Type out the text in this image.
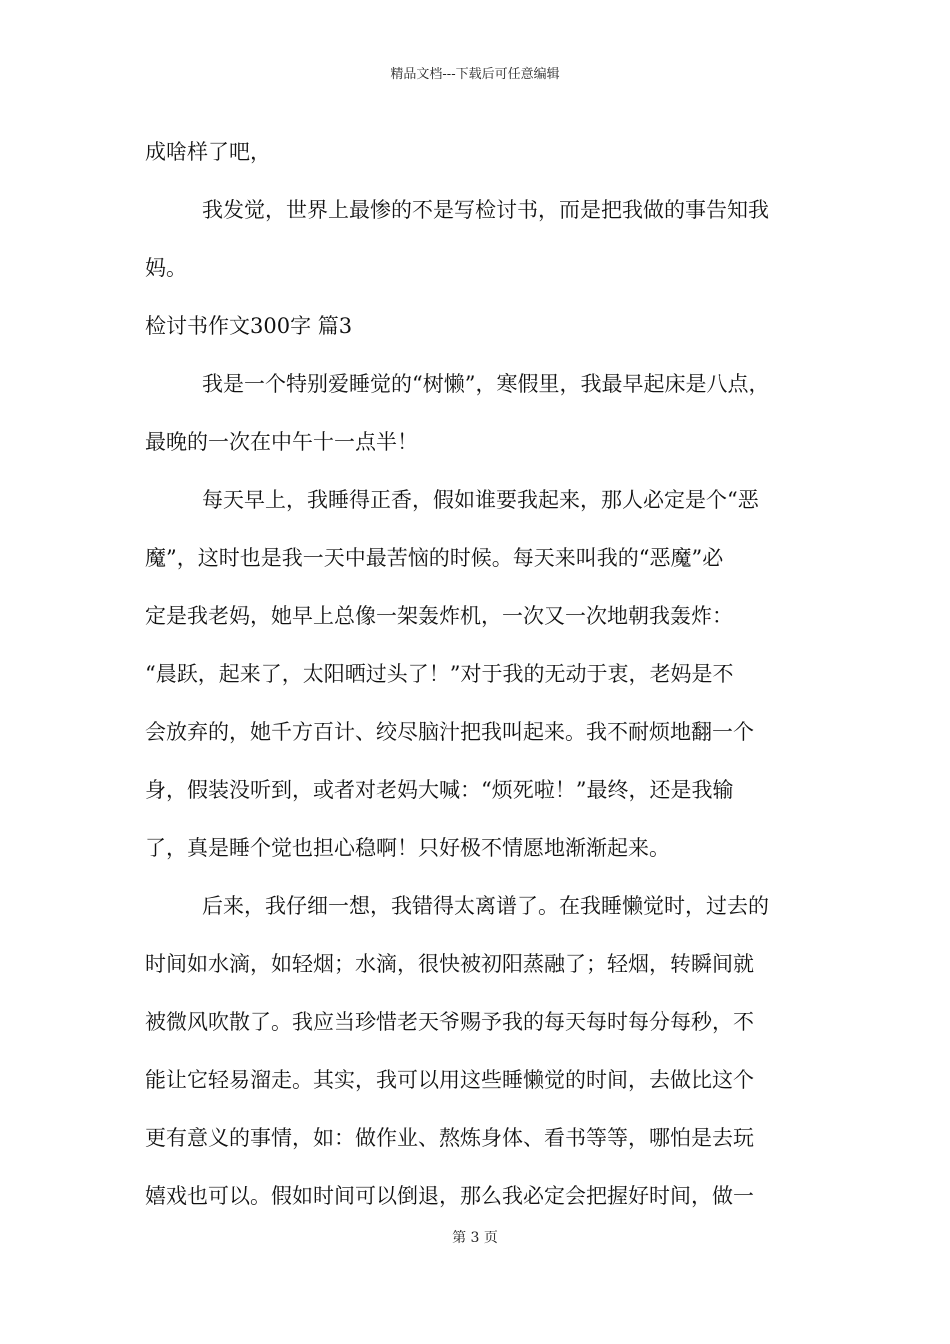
精品文档---下载后可任意编辑

成啥样了吧，

我发觉，世界上最惨的不是写检讨书，而是把我做的事告知我

妈。

检讨书作文300字 篇3

我是一个特别爱睡觉的“树懒”，寒假里，我最早起床是八点，

最晚的一次在中午十一点半！

每天早上，我睡得正香，假如谁要我起来，那人必定是个“恶

魔”，这时也是我一天中最苦恼的时候。每天来叫我的“恶魔”必

定是我老妈，她早上总像一架轰炸机，一次又一次地朝我轰炸：

“晨跃，起来了，太阳晒过头了！”对于我的无动于衷，老妈是不

会放弃的，她千方百计、绞尽脑汁把我叫起来。我不耐烦地翻一个

身，假装没听到，或者对老妈大喊：“烦死啦！”最终，还是我输

了，真是睡个觉也担心稳啊！只好极不情愿地渐渐起来。

后来，我仔细一想，我错得太离谱了。在我睡懒觉时，过去的

时间如水滴，如轻烟；水滴，很快被初阳蒸融了；轻烟，转瞬间就

被微风吹散了。我应当珍惜老天爷赐予我的每天每时每分每秒，不

能让它轻易溜走。其实，我可以用这些睡懒觉的时间，去做比这个

更有意义的事情，如：做作业、熬炼身体、看书等等，哪怕是去玩

嬉戏也可以。假如时间可以倒退，那么我必定会把握好时间，做一

第 3 页
